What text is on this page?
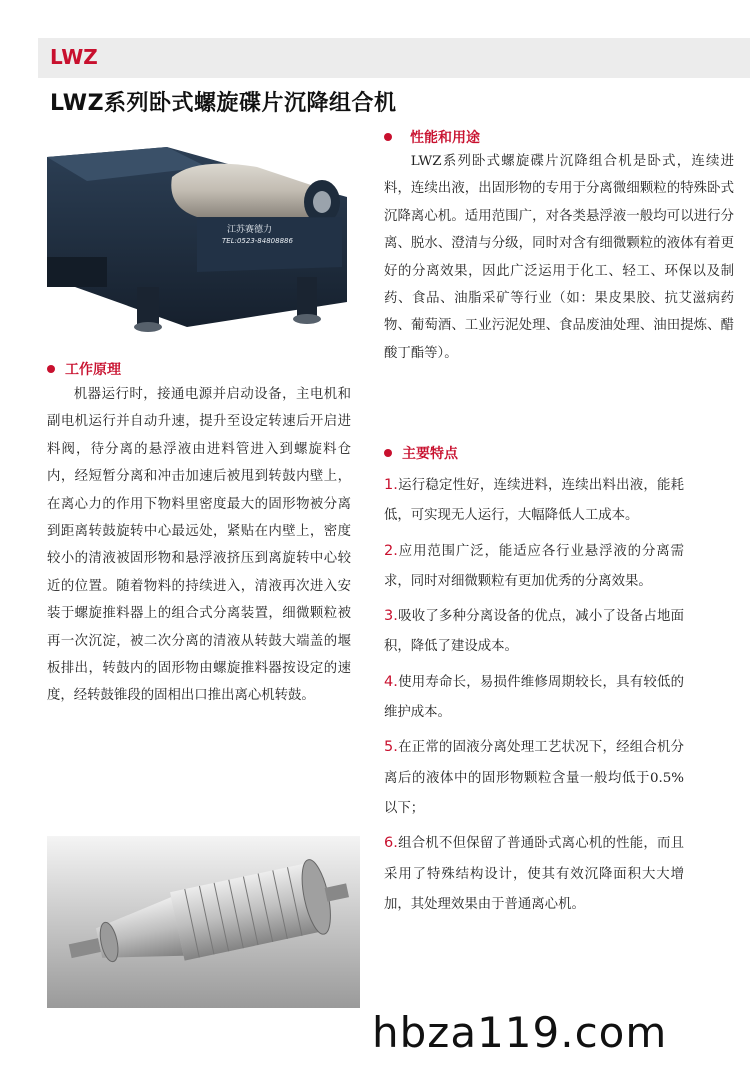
LWZ
LWZ系列卧式螺旋碟片沉降组合机
江苏赛德力
TEL:0523-84808886
性能和用途

LWZ系列卧式螺旋碟片沉降组合机是卧式，连续进料，连续出液，出固形物的专用于分离微细颗粒的特殊卧式沉降离心机。适用范围广，对各类悬浮液一般均可以进行分离、脱水、澄清与分级，同时对含有细微颗粒的液体有着更好的分离效果，因此广泛运用于化工、轻工、环保以及制药、食品、油脂采矿等行业（如：果皮果胶、抗艾滋病药物、葡萄酒、工业污泥处理、食品废油处理、油田提炼、醋酸丁酯等）。

工作原理

机器运行时，接通电源并启动设备，主电机和副电机运行并自动升速，提升至设定转速后开启进料阀，待分离的悬浮液由进料管进入到螺旋料仓内，经短暂分离和冲击加速后被甩到转鼓内壁上，在离心力的作用下物料里密度最大的固形物被分离到距离转鼓旋转中心最远处，紧贴在内壁上，密度较小的清液被固形物和悬浮液挤压到离旋转中心较近的位置。随着物料的持续进入，清液再次进入安装于螺旋推料器上的组合式分离装置，细微颗粒被再一次沉淀，被二次分离的清液从转鼓大端盖的堰板排出，转鼓内的固形物由螺旋推料器按设定的速度，经转鼓锥段的固相出口推出离心机转鼓。

主要特点

1.运行稳定性好，连续进料，连续出料出液，能耗低，可实现无人运行，大幅降低人工成本。

2.应用范围广泛，能适应各行业悬浮液的分离需求，同时对细微颗粒有更加优秀的分离效果。

3.吸收了多种分离设备的优点，减小了设备占地面积，降低了建设成本。

4.使用寿命长，易损件维修周期较长，具有较低的维护成本。

5.在正常的固液分离处理工艺状况下，经组合机分离后的液体中的固形物颗粒含量一般均低于0.5%以下；

6.组合机不但保留了普通卧式离心机的性能，而且采用了特殊结构设计，使其有效沉降面积大大增加，其处理效果由于普通离心机。

hbza119.com
